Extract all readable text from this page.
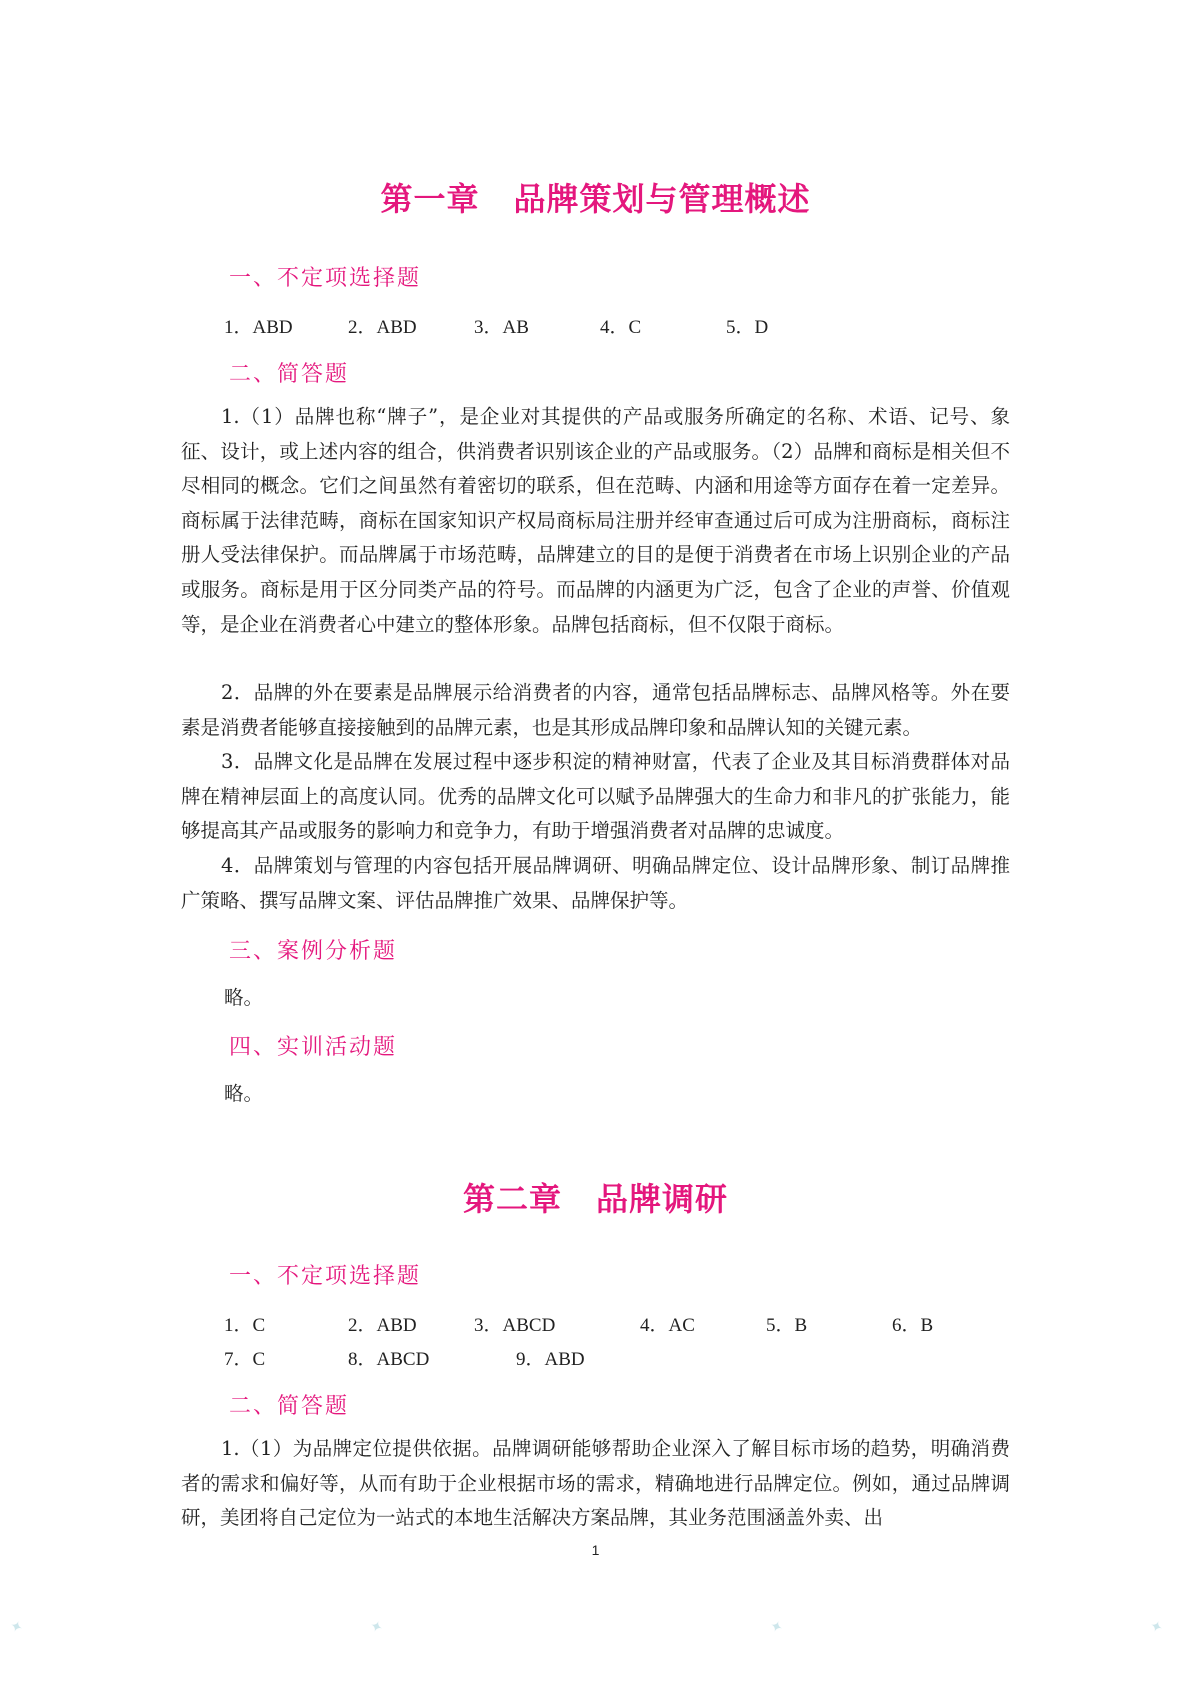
第一章 品牌策划与管理概述
一、不定项选择题
1．ABD	2．ABD	3．AB	4．C	5．D
二、简答题

1.（1）品牌也称“牌子”，是企业对其提供的产品或服务所确定的名称、术语、记号、象征、设计，或上述内容的组合，供消费者识别该企业的产品或服务。（2）品牌和商标是相关但不尽相同的概念。它们之间虽然有着密切的联系，但在范畴、内涵和用途等方面存在着一定差异。商标属于法律范畴，商标在国家知识产权局商标局注册并经审查通过后可成为注册商标，商标注册人受法律保护。而品牌属于市场范畴，品牌建立的目的是便于消费者在市场上识别企业的产品或服务。商标是用于区分同类产品的符号。而品牌的内涵更为广泛，包含了企业的声誉、价值观等，是企业在消费者心中建立的整体形象。品牌包括商标，但不仅限于商标。

2．品牌的外在要素是品牌展示给消费者的内容，通常包括品牌标志、品牌风格等。外在要素是消费者能够直接接触到的品牌元素，也是其形成品牌印象和品牌认知的关键元素。

3．品牌文化是品牌在发展过程中逐步积淀的精神财富，代表了企业及其目标消费群体对品牌在精神层面上的高度认同。优秀的品牌文化可以赋予品牌强大的生命力和非凡的扩张能力，能够提高其产品或服务的影响力和竞争力，有助于增强消费者对品牌的忠诚度。

4．品牌策划与管理的内容包括开展品牌调研、明确品牌定位、设计品牌形象、制订品牌推广策略、撰写品牌文案、评估品牌推广效果、品牌保护等。

三、案例分析题
略。
四、实训活动题
略。
第二章 品牌调研
一、不定项选择题
1．C	2．ABD	3．ABCD	4．AC	5．B	6．B
7．C	8．ABCD	9．ABD
二、简答题

1.（1）为品牌定位提供依据。品牌调研能够帮助企业深入了解目标市场的趋势，明确消费者的需求和偏好等，从而有助于企业根据市场的需求，精确地进行品牌定位。例如，通过品牌调研，美团将自己定位为一站式的本地生活解决方案品牌，其业务范围涵盖外卖、出

1
✦	✦	✦	✦
